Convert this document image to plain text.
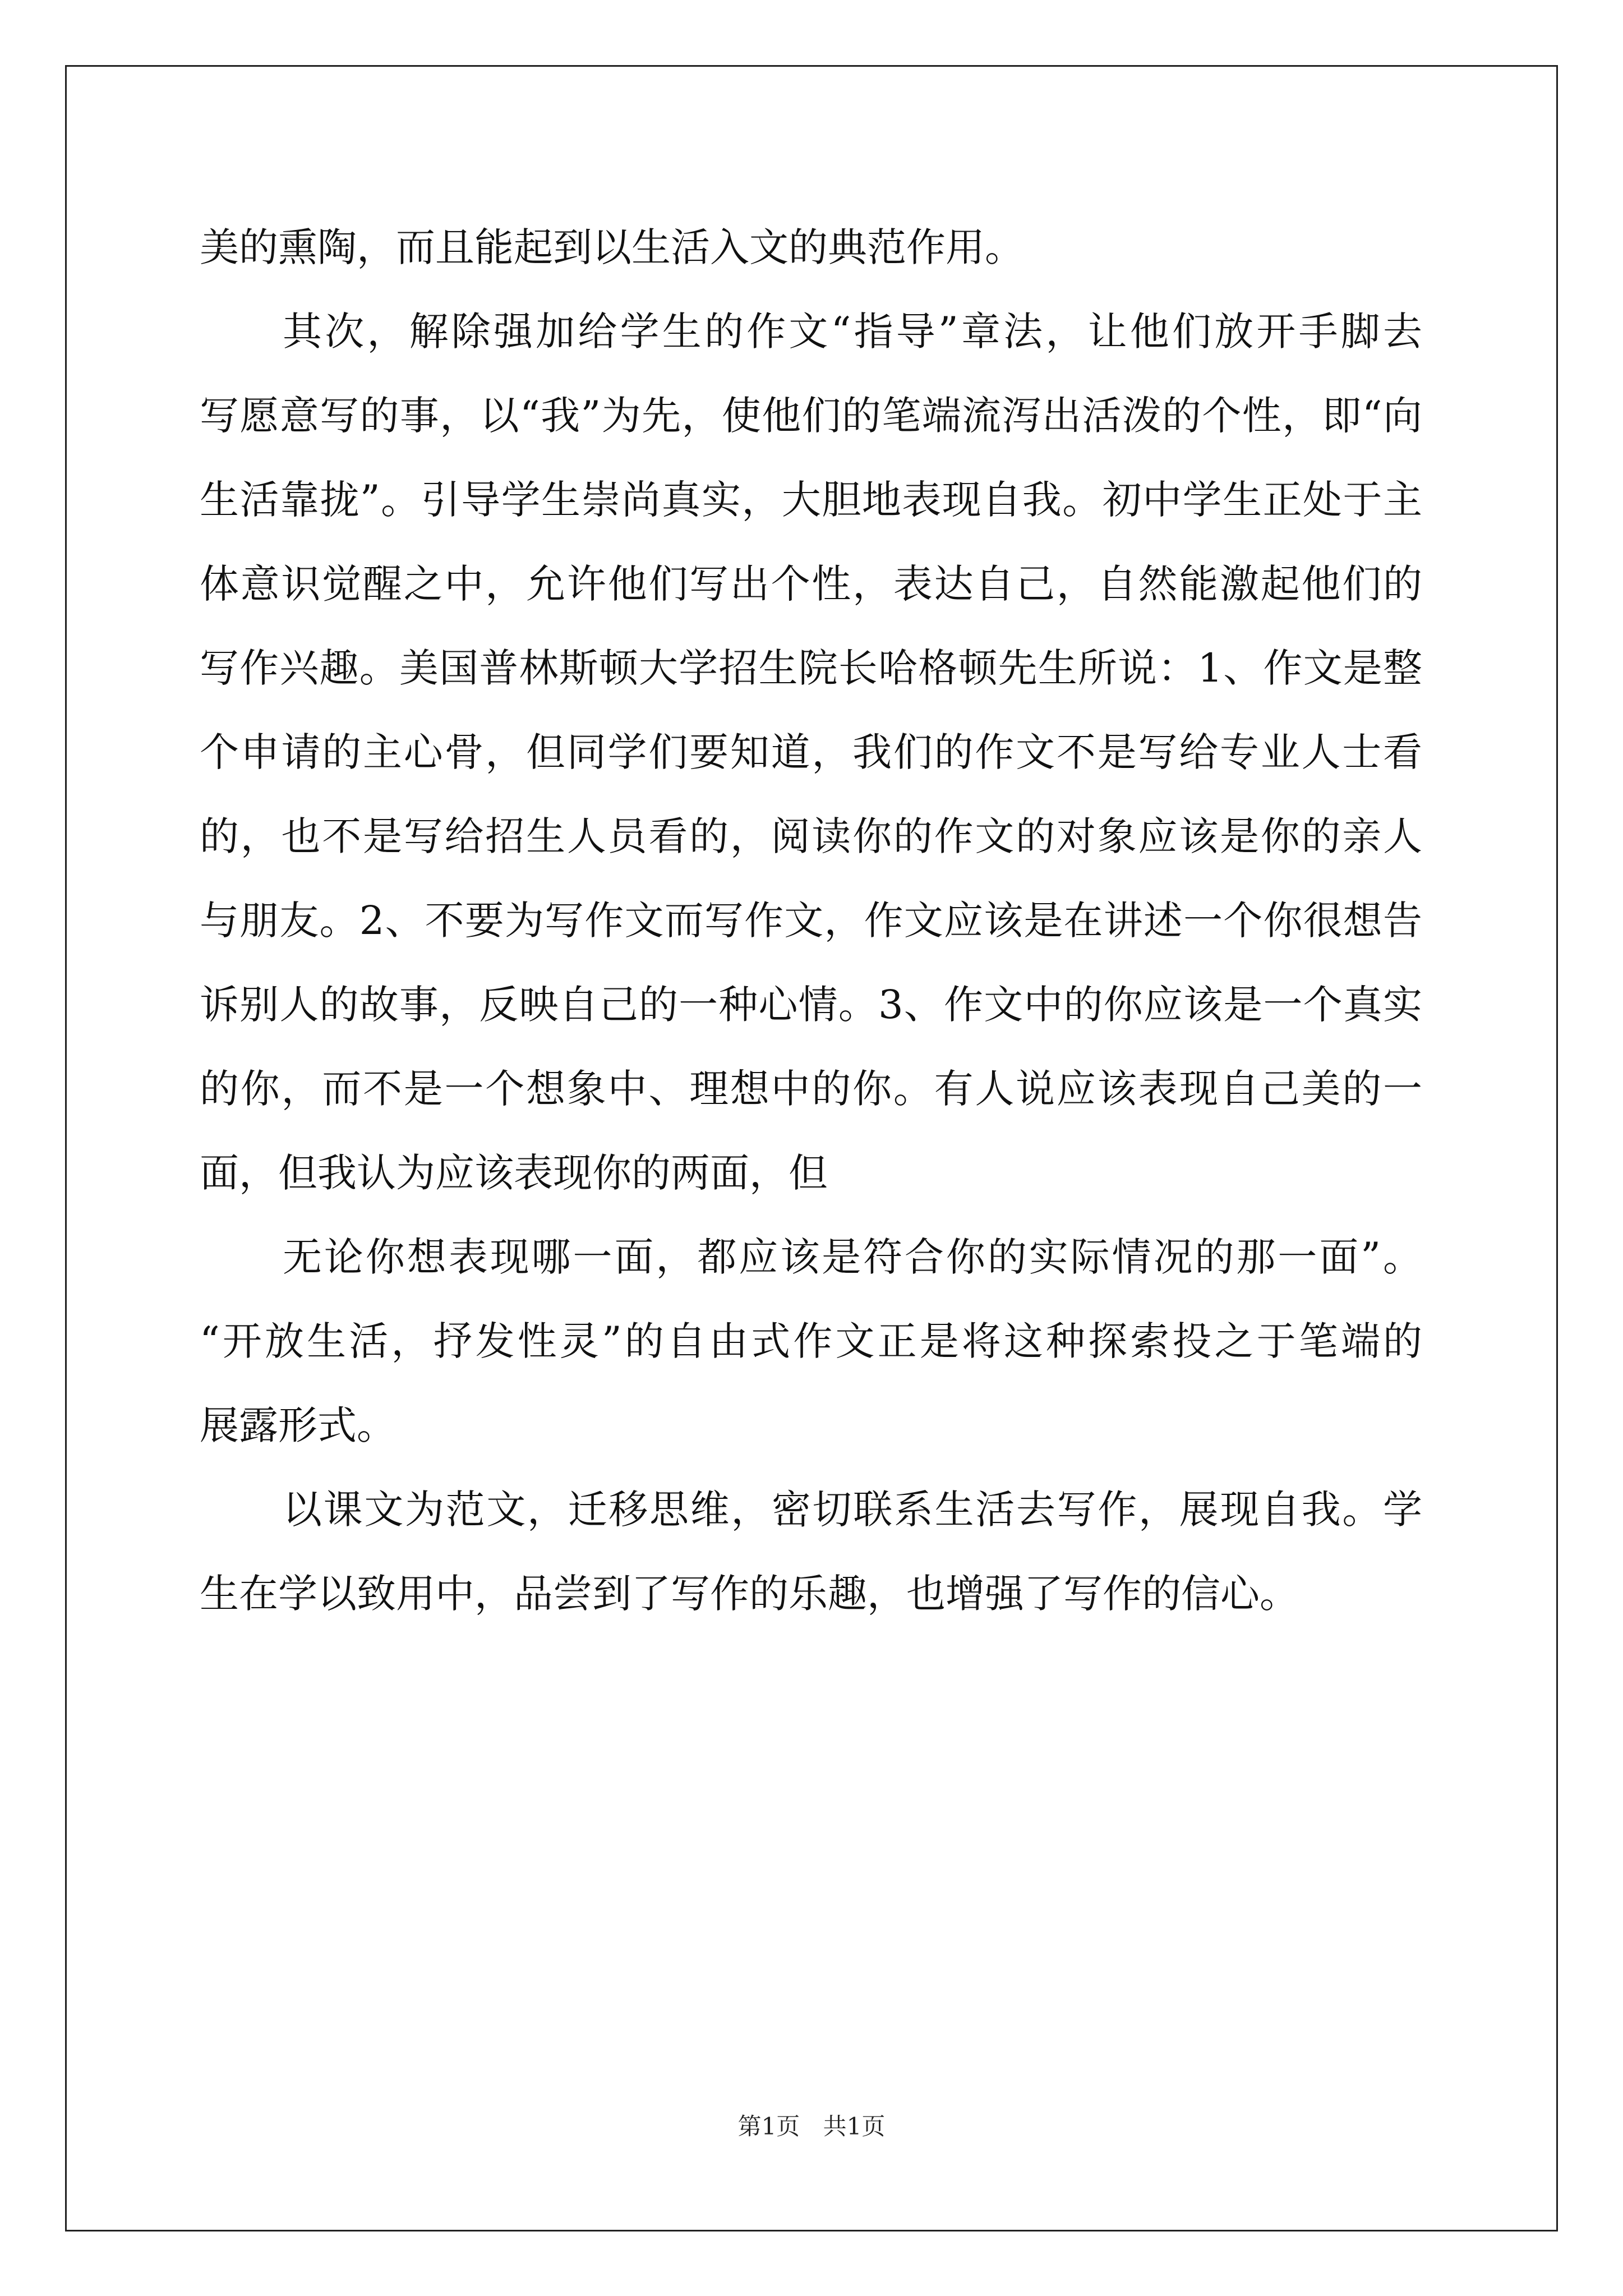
美的熏陶，而且能起到以生活入文的典范作用。
其次，解除强加给学生的作文“指导”章法，让他们放开手脚去
写愿意写的事，以“我”为先，使他们的笔端流泻出活泼的个性，即“向
生活靠拢”。引导学生崇尚真实，大胆地表现自我。初中学生正处于主
体意识觉醒之中，允许他们写出个性，表达自己，自然能激起他们的
写作兴趣。美国普林斯顿大学招生院长哈格顿先生所说：1、作文是整
个申请的主心骨，但同学们要知道，我们的作文不是写给专业人士看
的，也不是写给招生人员看的，阅读你的作文的对象应该是你的亲人
与朋友。2、不要为写作文而写作文，作文应该是在讲述一个你很想告
诉别人的故事，反映自己的一种心情。3、作文中的你应该是一个真实
的你，而不是一个想象中、理想中的你。有人说应该表现自己美的一
面，但我认为应该表现你的两面，但
无论你想表现哪一面，都应该是符合你的实际情况的那一面”。
“开放生活，抒发性灵”的自由式作文正是将这种探索投之于笔端的
展露形式。
以课文为范文，迁移思维，密切联系生活去写作，展现自我。学
生在学以致用中，品尝到了写作的乐趣，也增强了写作的信心。
第1页 共1页
